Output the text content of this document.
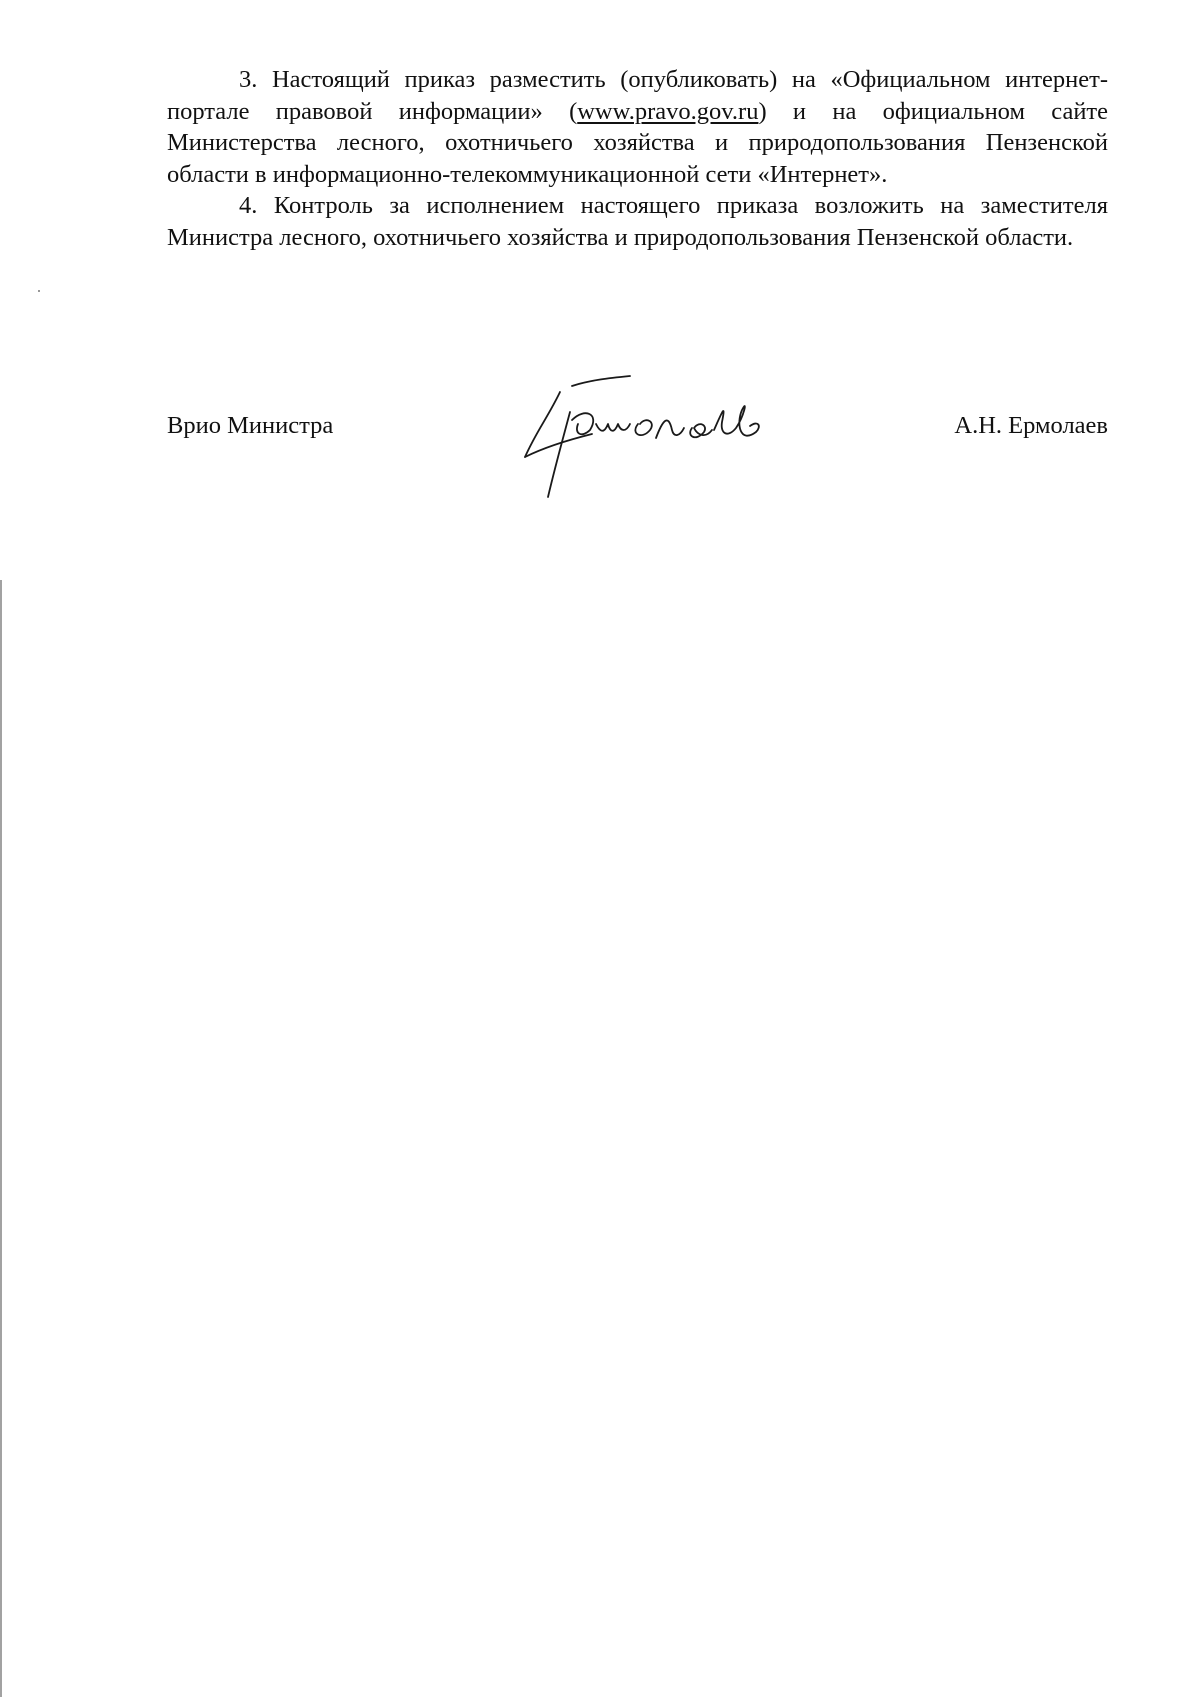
3. Настоящий приказ разместить (опубликовать) на «Официальном интернет-портале правовой информации» (www.pravo.gov.ru) и на официальном сайте Министерства лесного, охотничьего хозяйства и природопользования Пензенской области в информационно-телекоммуникационной сети «Интернет».

4. Контроль за исполнением настоящего приказа возложить на заместителя Министра лесного, охотничьего хозяйства и природопользования Пензенской области.

Врио Министра	А.Н. Ермолаев
